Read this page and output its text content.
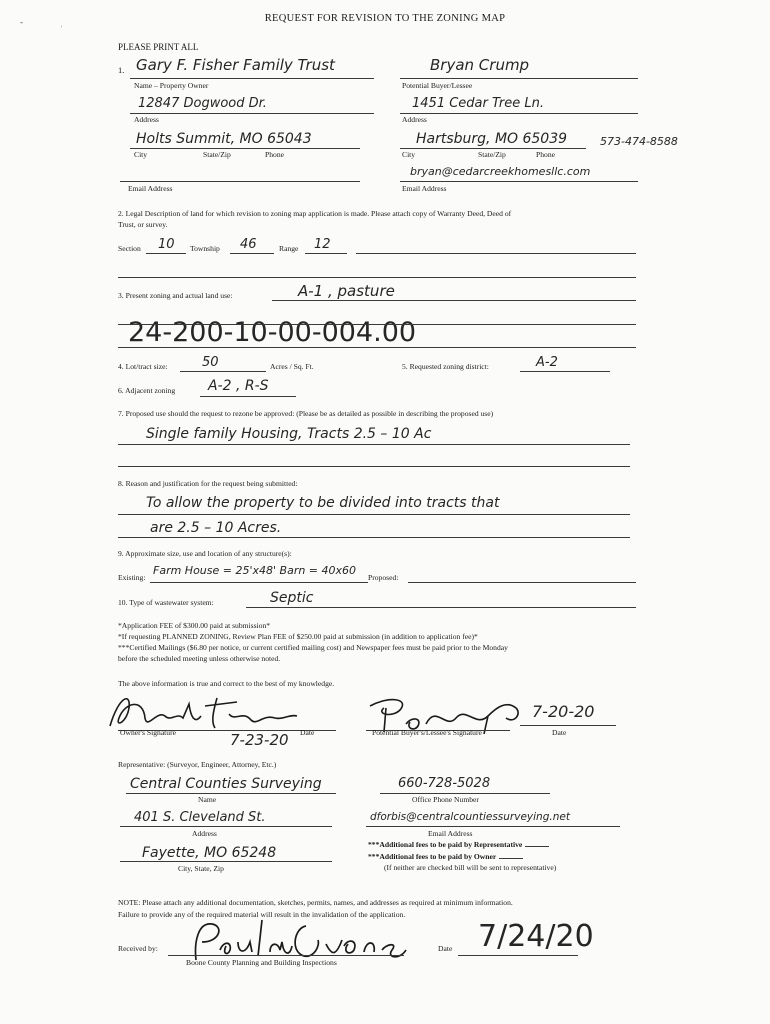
REQUEST FOR REVISION TO THE ZONING MAP
PLEASE PRINT ALL
1. Gary F. Fisher Family Trust
Name – Property Owner
Bryan Crump
Potential Buyer/Lessee
12847 Dogwood Dr.
Address
1451 Cedar Tree Ln.
Address
Holts Summit, MO 65043
City	State/Zip	Phone
Hartsburg, MO 65039	573-474-8588
City	State/Zip	Phone
Email Address
bryan@cedarcreekhomesllc.com
Email Address
2. Legal Description of land for which revision to zoning map application is made. Please attach copy of Warranty Deed, Deed of
Trust, or survey.
Section 10 Township 46	Range 12
3. Present zoning and actual land use:	A-1 , pasture
24-200-10-00-004.00
4. Lot/tract size:	50	Acres / Sq. Ft.	5. Requested zoning district:	A-2
6. Adjacent zoning A-2 , R-S
7. Proposed use should the request to rezone be approved: (Please be as detailed as possible in describing the proposed use)
Single family Housing, Tracts 2.5 – 10 Ac
8. Reason and justification for the request being submitted:
To allow the property to be divided into tracts that
are 2.5 – 10 Acres.
9. Approximate size, use and location of any structure(s):
Existing:
Farm House = 25'x48' Barn = 40x60
Proposed:
10. Type of wastewater system:	Septic
*Application FEE of $300.00 paid at submission*
*If requesting PLANNED ZONING, Review Plan FEE of $250.00 paid at submission (in addition to application fee)*
***Certified Mailings ($6.80 per notice, or current certified mailing cost) and Newspaper fees must be paid prior to the Monday
before the scheduled meeting unless otherwise noted.
The above information is true and correct to the best of my knowledge.
Owner's Signature	Date
7-23-20	Potential Buyer's/Lessee's Signature
7-20-20
Date
Representative: (Surveyor, Engineer, Attorney, Etc.)
Central Counties Surveying
Name
660-728-5028
Office Phone Number
401 S. Cleveland St.
Address
dforbis@centralcountiessurveying.net
Email Address
***Additional fees to be paid by Representative
***Additional fees to be paid by Owner
(If neither are checked bill will be sent to representative)
Fayette, MO 65248
City, State, Zip
NOTE: Please attach any additional documentation, sketches, permits, names, and addresses as required at minimum information.
Failure to provide any of the required material will result in the invalidation of the application.
Received by:
Boone County Planning and Building Inspections
Date 7/24/20
‐	˒
